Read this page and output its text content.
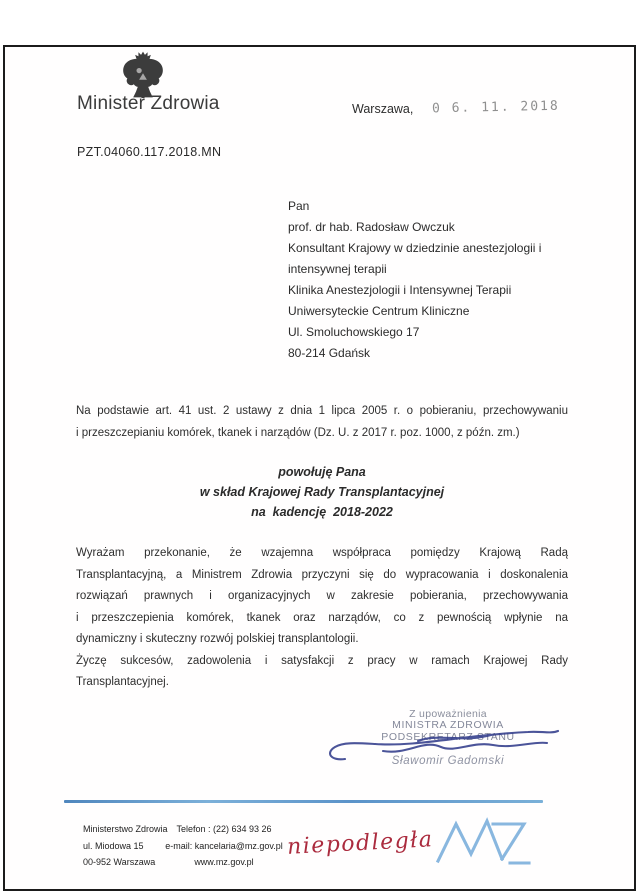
Minister Zdrowia	Warszawa, 0 6. 11. 2018
PZT.04060.117.2018.MN
Pan
prof. dr hab. Radosław Owczuk
Konsultant Krajowy w dziedzinie anestezjologii i
intensywnej terapii
Klinika Anestezjologii i Intensywnej Terapii
Uniwersyteckie Centrum Kliniczne
Ul. Smoluchowskiego 17
80-214 Gdańsk
Na podstawie art. 41 ust. 2 ustawy z dnia 1 lipca 2005 r. o pobieraniu, przechowywaniu
i przeszczepianiu komórek, tkanek i narządów (Dz. U. z 2017 r. poz. 1000, z późn. zm.)
powołuję Pana
w skład Krajowej Rady Transplantacyjnej
na  kadencję  2018-2022
Wyrażam przekonanie, że wzajemna współpraca pomiędzy Krajową Radą
Transplantacyjną, a Ministrem Zdrowia przyczyni się do wypracowania i doskonalenia
rozwiązań prawnych i organizacyjnych w zakresie pobierania, przechowywania
i przeszczepienia komórek, tkanek oraz narządów, co z pewnością wpłynie na
dynamiczny i skuteczny rozwój polskiej transplantologii.
Życzę sukcesów, zadowolenia i satysfakcji z pracy w ramach Krajowej Rady
Transplantacyjnej.
Z upoważnienia
MINISTRA ZDROWIA
PODSEKRETARZ STANU
Sławomir Gadomski
Ministerstwo Zdrowia
ul. Miodowa 15
00-952 Warszawa
Telefon : (22) 634 93 26
e-mail: kancelaria@mz.gov.pl
www.mz.gov.pl
niepodległa
